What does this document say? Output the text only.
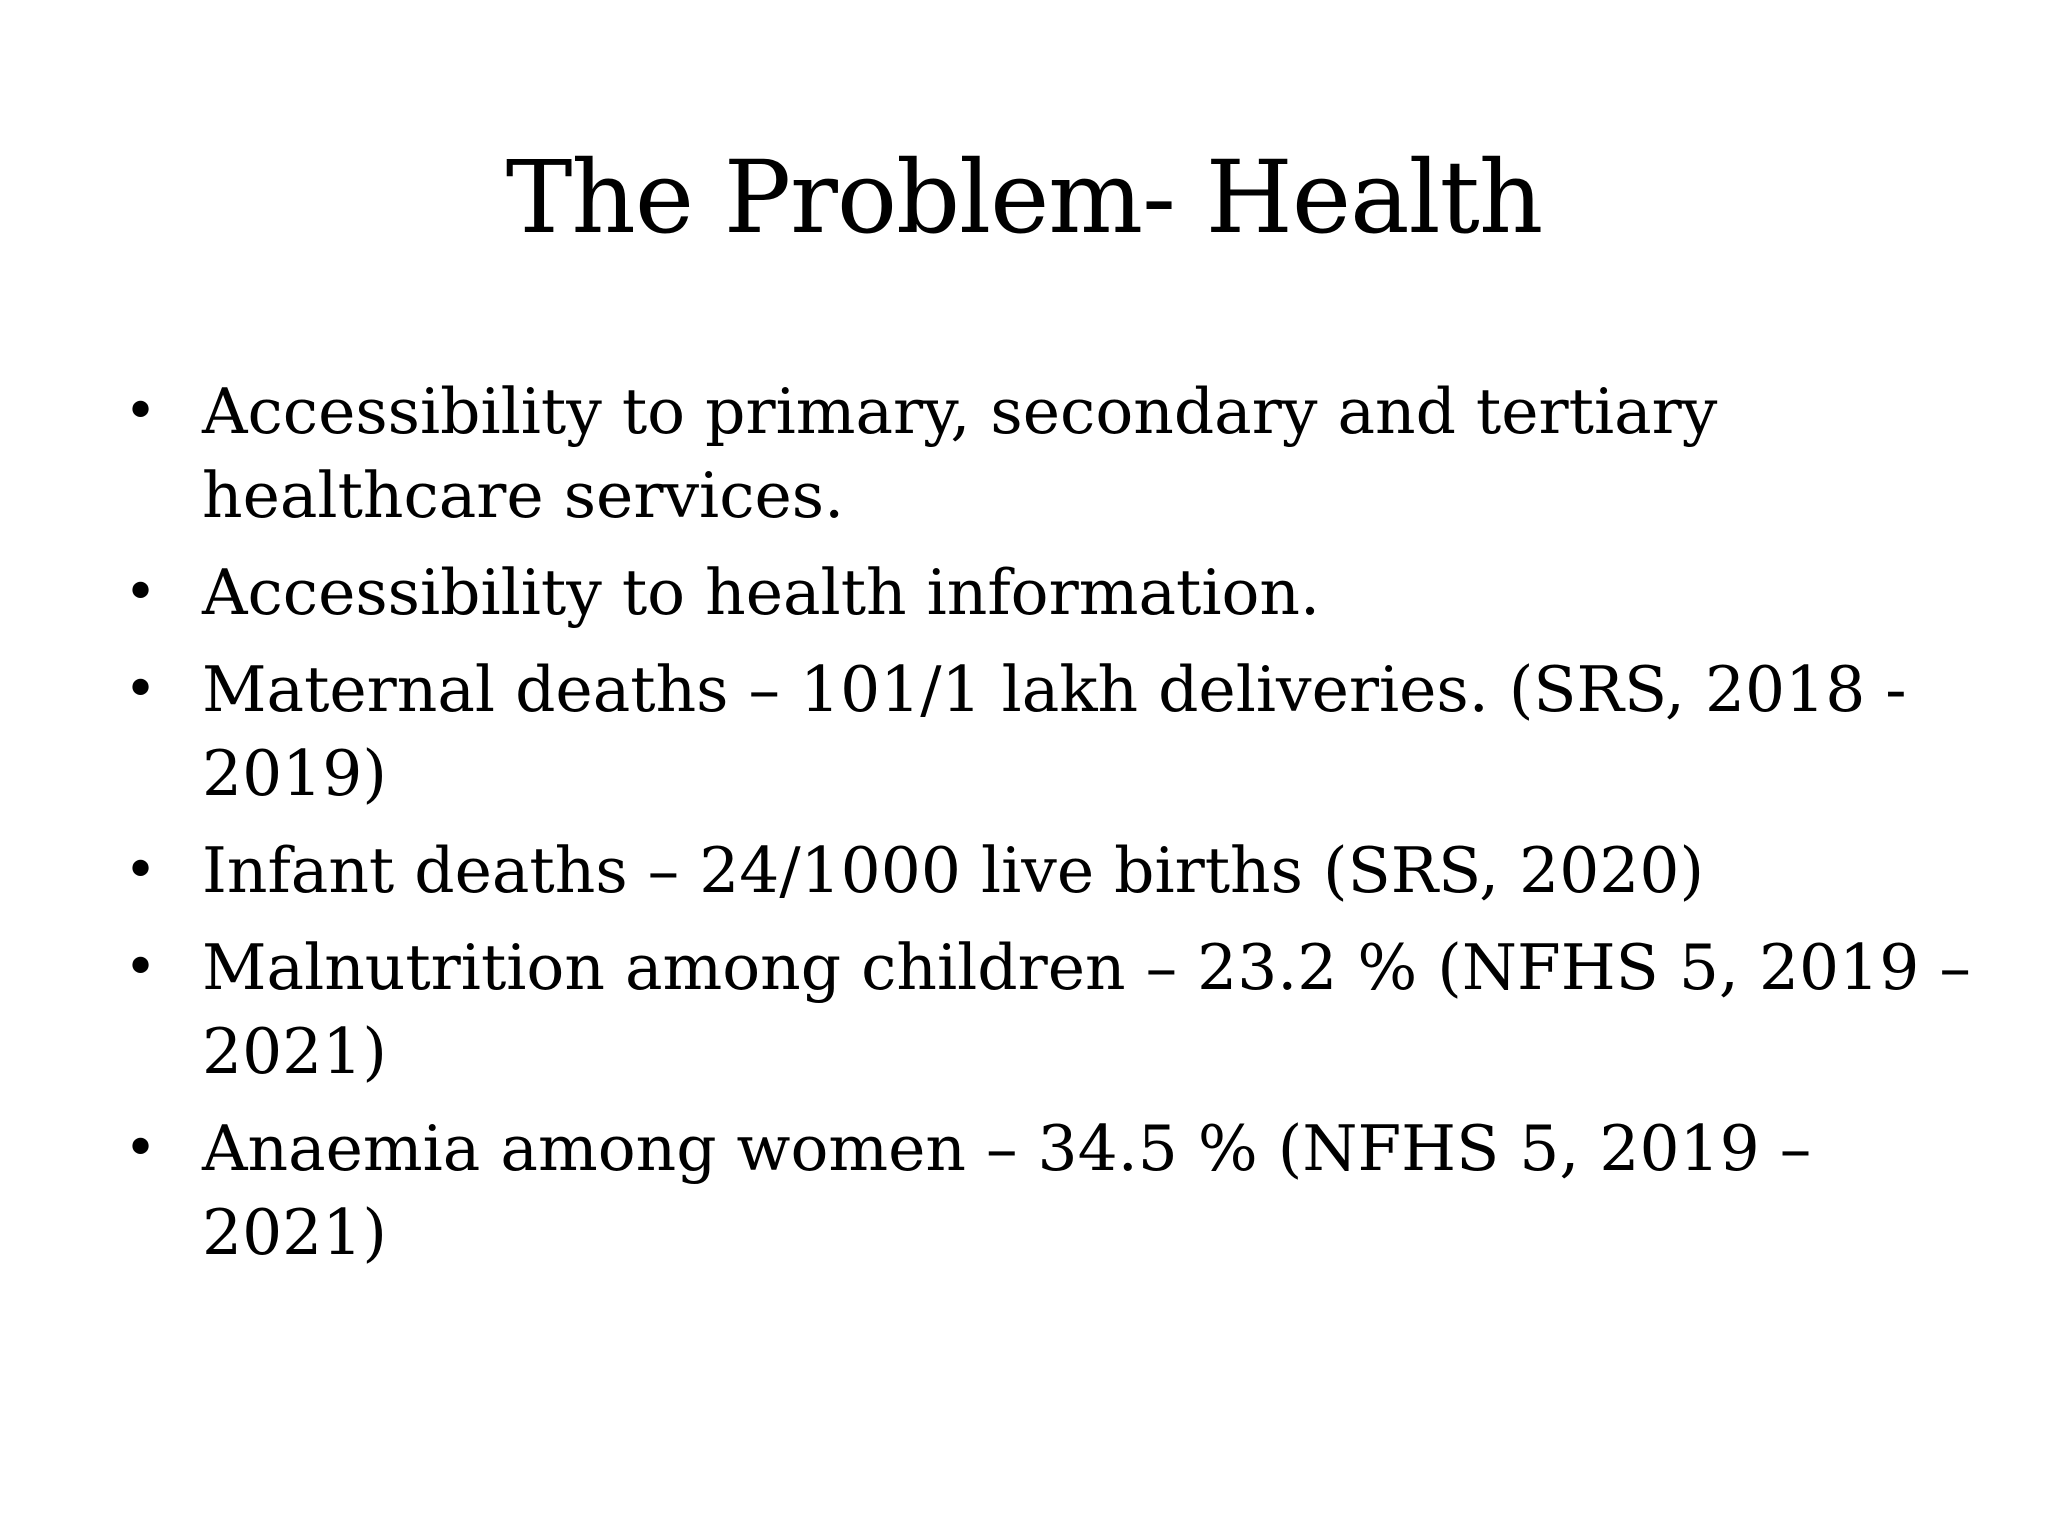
The Problem- Health
• Accessibility to primary, secondary and tertiary healthcare services.
• Accessibility to health information.
• Maternal deaths – 101/1 lakh deliveries. (SRS, 2018 - 2019)
• Infant deaths – 24/1000 live births (SRS, 2020)
• Malnutrition among children – 23.2 % (NFHS 5, 2019 – 2021)
• Anaemia among women – 34.5 % (NFHS 5, 2019 – 2021)
